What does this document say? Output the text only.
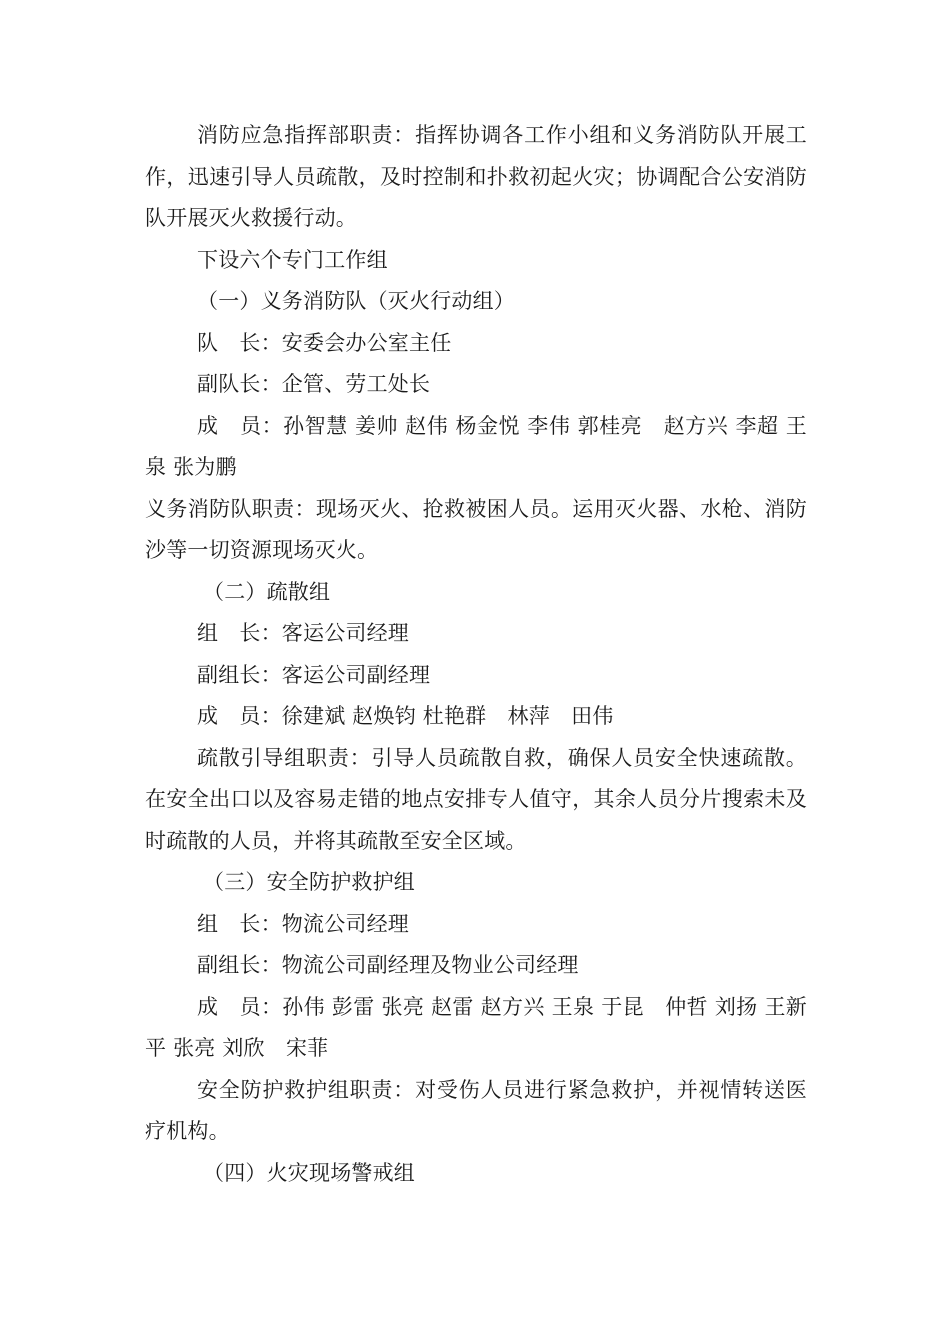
消防应急指挥部职责：指挥协调各工作小组和义务消防队开展工作，迅速引导人员疏散，及时控制和扑救初起火灾；协调配合公安消防队开展灭火救援行动。

下设六个专门工作组

（一）义务消防队（灭火行动组）

队　长：安委会办公室主任

副队长：企管、劳工处长

成　员：孙智慧 姜帅 赵伟 杨金悦 李伟 郭桂亮　赵方兴 李超 王泉 张为鹏

义务消防队职责：现场灭火、抢救被困人员。运用灭火器、水枪、消防沙等一切资源现场灭火。

（二）疏散组

组　长：客运公司经理

副组长：客运公司副经理

成　员：徐建斌 赵焕钧 杜艳群　林萍　田伟

疏散引导组职责：引导人员疏散自救，确保人员安全快速疏散。在安全出口以及容易走错的地点安排专人值守，其余人员分片搜索未及时疏散的人员，并将其疏散至安全区域。

（三）安全防护救护组

组　长：物流公司经理

副组长：物流公司副经理及物业公司经理

成　员：孙伟 彭雷 张亮 赵雷 赵方兴 王泉 于昆　仲哲 刘扬 王新平 张亮 刘欣　宋菲

安全防护救护组职责：对受伤人员进行紧急救护，并视情转送医疗机构。

（四）火灾现场警戒组
